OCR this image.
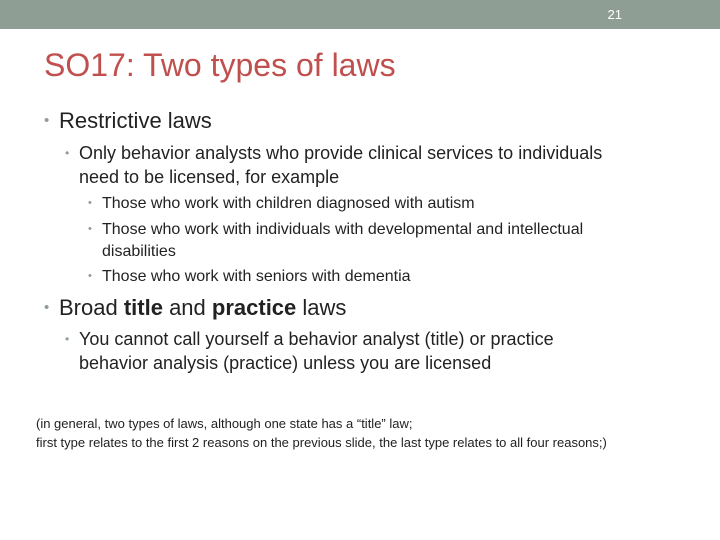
21
SO17: Two types of laws
• Restrictive laws
• Only behavior analysts who provide clinical services to individuals
need to be licensed, for example
• Those who work with children diagnosed with autism
• Those who work with individuals with developmental and intellectual
disabilities
• Those who work with seniors with dementia
• Broad title and practice laws
• You cannot call yourself a behavior analyst (title) or practice
behavior analysis (practice) unless you are licensed
(in general, two types of laws, although one state has a “title” law;
first type relates to the first 2 reasons on the previous slide, the last type relates to all four reasons;)
